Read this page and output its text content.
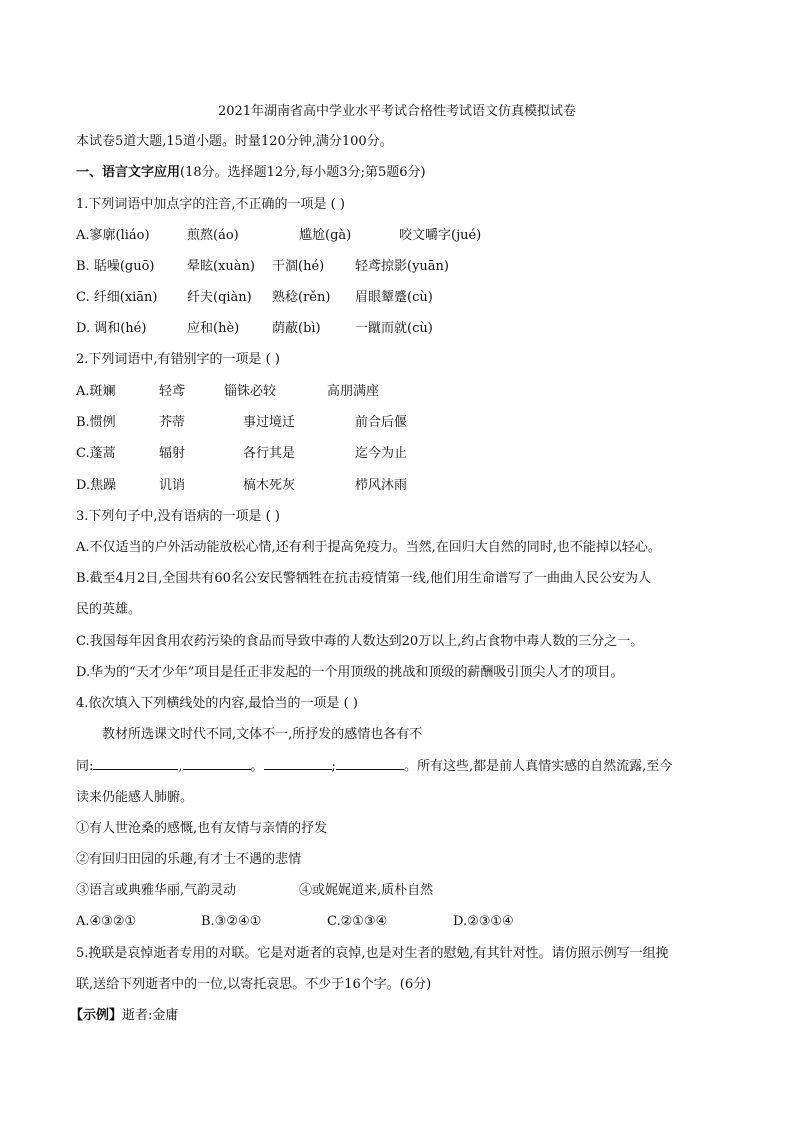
2021年湖南省高中学业水平考试合格性考试语文仿真模拟试卷
本试卷5道大题,15道小题。时量120分钟,满分100分。
一、语言文字应用(18分。选择题12分,每小题3分;第5题6分)
1.下列词语中加点字的注音,不正确的一项是 ( )
A.寥廓(liáo)	煎熬(áo)	尴尬(gà)	咬文嚼字(jué)
B. 聒噪(guō)	晕眩(xuàn) 干涸(hé) 轻鸢掠影(yuān)
C. 纤细(xiān) 纤夫(qiàn) 熟稔(rěn) 眉眼颦蹙(cù)
D. 调和(hé)	应和(hè)	荫蔽(bì)	一蹴而就(cù)
2.下列词语中,有错别字的一项是 ( )
A.斑斓	轻鸢	锱铢必较	高朋满座
B.惯例	芥蒂	事过境迁	前合后偃
C.蓬蒿	辐射	各行其是	迄今为止
D.焦躁	讥诮	槁木死灰	栉风沐雨
3.下列句子中,没有语病的一项是 ( )
A.不仅适当的户外活动能放松心情,还有利于提高免疫力。当然,在回归大自然的同时,也不能掉以轻心。
B.截至4月2日,全国共有60名公安民警牺牲在抗击疫情第一线,他们用生命谱写了一曲曲人民公安为人
民的英雄。
C.我国每年因食用农药污染的食品而导致中毒的人数达到20万以上,约占食物中毒人数的三分之一。
D.华为的“天才少年”项目是任正非发起的一个用顶级的挑战和顶级的薪酬吸引顶尖人才的项目。
4.依次填入下列横线处的内容,最恰当的一项是 ( )
教材所选课文时代不同,文体不一,所抒发的感情也各有不
同:	,	。	;	。所有这些,都是前人真情实感的自然流露,至今
读来仍能感人肺腑。
①有人世沧桑的感慨,也有友情与亲情的抒发
②有回归田园的乐趣,有才士不遇的悲情
③语言或典雅华丽,气韵灵动	④或娓娓道来,质朴自然
A.④③②①	B.③②④①	C.②①③④	D.②③①④
5.挽联是哀悼逝者专用的对联。它是对逝者的哀悼,也是对生者的慰勉,有其针对性。请仿照示例写一组挽
联,送给下列逝者中的一位,以寄托哀思。不少于16个字。(6分)
【示例】逝者:金庸
